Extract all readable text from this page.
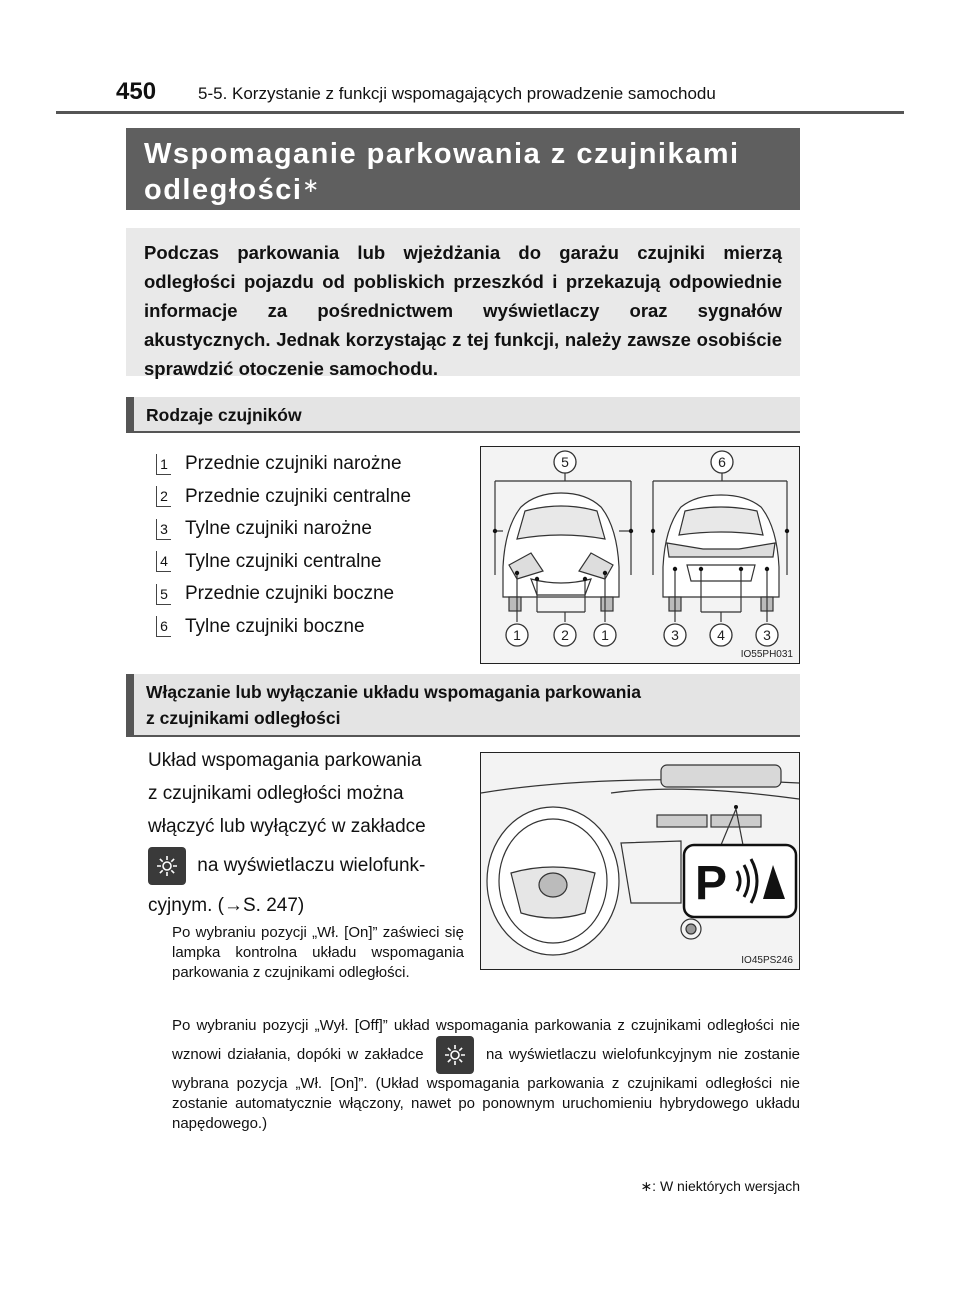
450 5-5. Korzystanie z funkcji wspomagających prowadzenie samochodu
Wspomaganie parkowania z czujnikami
odległości∗
Podczas parkowania lub wjeżdżania do garażu czujniki mierzą odległości pojazdu od pobliskich przeszkód i przekazują odpowiednie informacje za pośrednictwem wyświetlaczy oraz sygnałów akustycznych. Jednak korzystając z tej funkcji, należy zawsze osobiście sprawdzić otoczenie samochodu.
Rodzaje czujników
1 Przednie czujniki narożne
2 Przednie czujniki centralne
3 Tylne czujniki narożne
4 Tylne czujniki centralne
5 Przednie czujniki boczne
6 Tylne czujniki boczne
5	6
1	2 1	3	4	3
IO55PH031
Włączanie lub wyłączanie układu wspomagania parkowania
z czujnikami odległości
Układ wspomagania parkowania
z czujnikami odległości można
włączyć lub wyłączyć w zakładce
na wyświetlaczu wielofunk-
cyjnym. (→S. 247)
Po wybraniu pozycji „Wł. [On]” zaświeci się lampka kontrolna układu wspomagania parkowania z czujnikami odległości.
Po wybraniu pozycji „Wył. [Off]” układ wspomagania parkowania z czujnikami odległości nie wznowi działania, dopóki w zakładce	na wyświetlaczu wielofunkcyjnym nie zostanie wybrana pozycja „Wł. [On]”. (Układ wspomagania parkowania z czujnikami odległości nie zostanie automatycznie włączony, nawet po ponownym uruchomieniu hybrydowego układu napędowego.)
P
IO45PS246
∗: W niektórych wersjach
